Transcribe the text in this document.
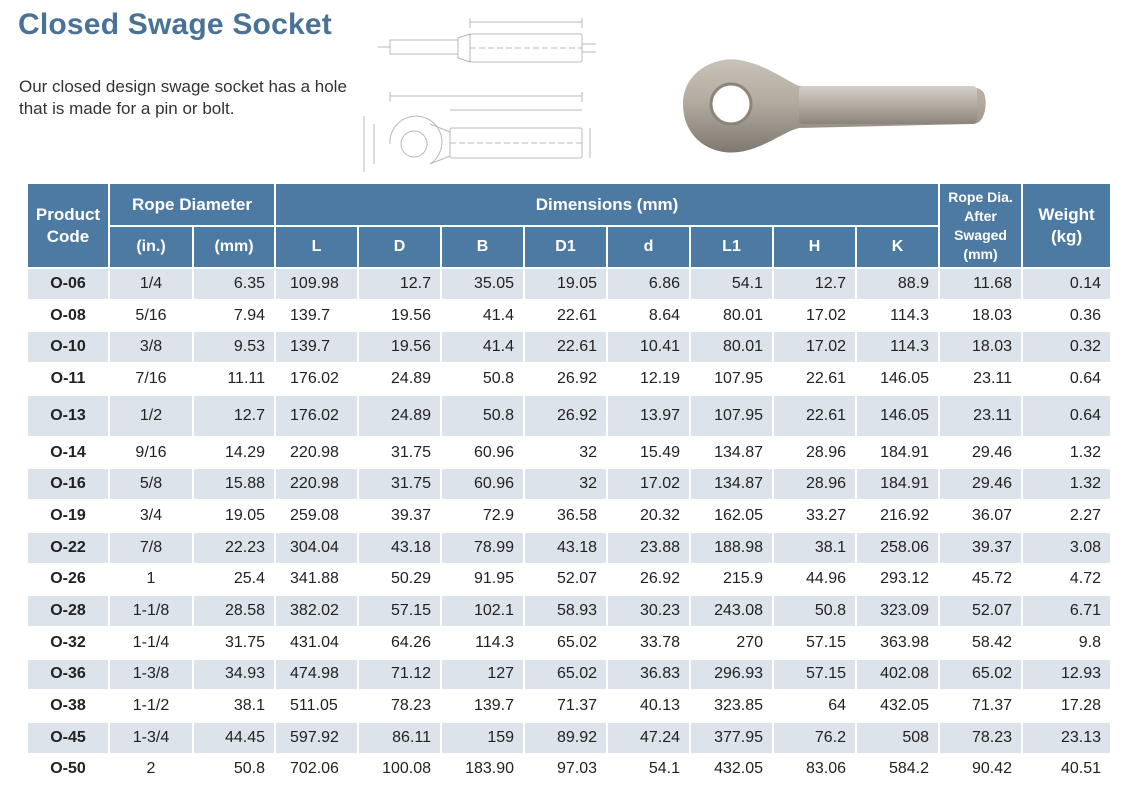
Closed Swage Socket
Our closed design swage socket has a hole that is made for a pin or bolt.
Product Code	Rope Diameter		Dimensions (mm)								Rope Dia. After Swaged (mm)	Weight (kg)
	(in.)	(mm)	L	D	B	D1	d	L1	H	K		
O-06	1/4	6.35	109.98	12.7	35.05	19.05	6.86	54.1	12.7	88.9	11.68	0.14
O-08	5/16	7.94	139.7	19.56	41.4	22.61	8.64	80.01	17.02	114.3	18.03	0.36
O-10	3/8	9.53	139.7	19.56	41.4	22.61	10.41	80.01	17.02	114.3	18.03	0.32
O-11	7/16	11.11	176.02	24.89	50.8	26.92	12.19	107.95	22.61	146.05	23.11	0.64
O-13	1/2	12.7	176.02	24.89	50.8	26.92	13.97	107.95	22.61	146.05	23.11	0.64
O-14	9/16	14.29	220.98	31.75	60.96	32	15.49	134.87	28.96	184.91	29.46	1.32
O-16	5/8	15.88	220.98	31.75	60.96	32	17.02	134.87	28.96	184.91	29.46	1.32
O-19	3/4	19.05	259.08	39.37	72.9	36.58	20.32	162.05	33.27	216.92	36.07	2.27
O-22	7/8	22.23	304.04	43.18	78.99	43.18	23.88	188.98	38.1	258.06	39.37	3.08
O-26	1	25.4	341.88	50.29	91.95	52.07	26.92	215.9	44.96	293.12	45.72	4.72
O-28	1-1/8	28.58	382.02	57.15	102.1	58.93	30.23	243.08	50.8	323.09	52.07	6.71
O-32	1-1/4	31.75	431.04	64.26	114.3	65.02	33.78	270	57.15	363.98	58.42	9.8
O-36	1-3/8	34.93	474.98	71.12	127	65.02	36.83	296.93	57.15	402.08	65.02	12.93
O-38	1-1/2	38.1	511.05	78.23	139.7	71.37	40.13	323.85	64	432.05	71.37	17.28
O-45	1-3/4	44.45	597.92	86.11	159	89.92	47.24	377.95	76.2	508	78.23	23.13
O-50	2	50.8	702.06	100.08	183.90	97.03	54.1	432.05	83.06	584.2	90.42	40.51
